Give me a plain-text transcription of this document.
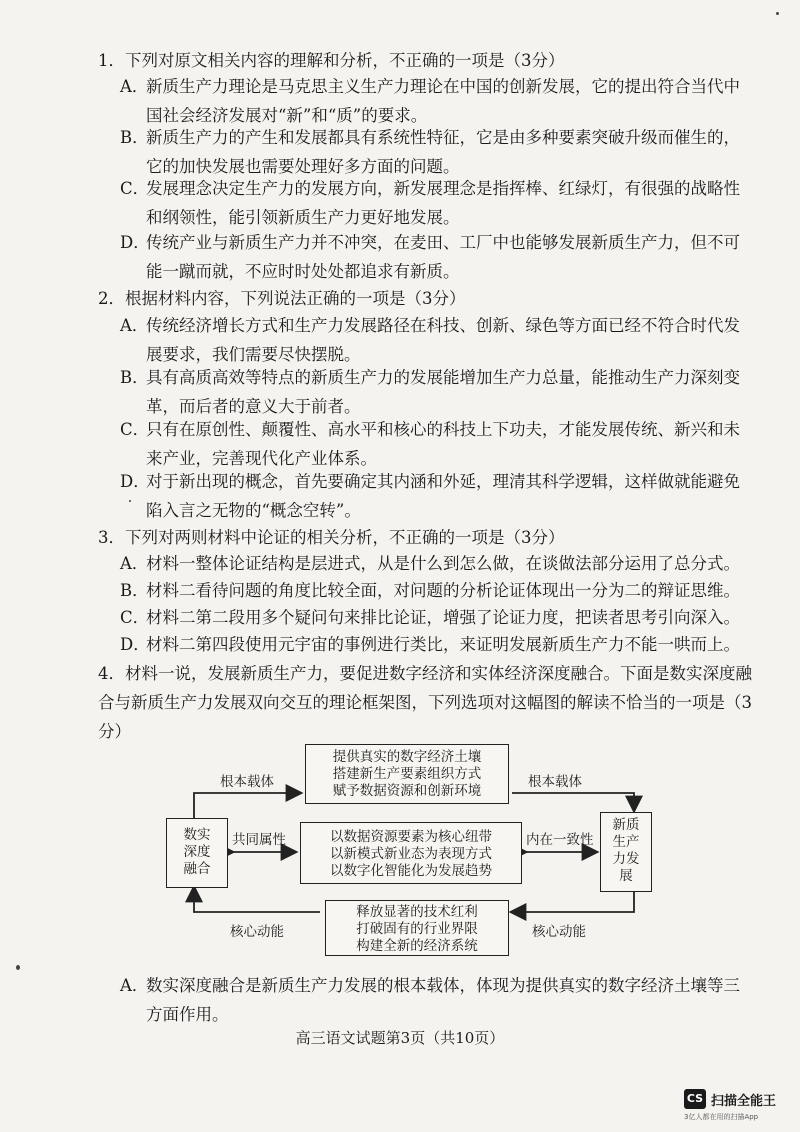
1．下列对原文相关内容的理解和分析，不正确的一项是（3分）
A．
新质生产力理论是马克思主义生产力理论在中国的创新发展，它的提出符合当代中国社会经济发展对“新”和“质”的要求。
B．
新质生产力的产生和发展都具有系统性特征，它是由多种要素突破升级而催生的，它的加快发展也需要处理好多方面的问题。
C．
发展理念决定生产力的发展方向，新发展理念是指挥棒、红绿灯，有很强的战略性和纲领性，能引领新质生产力更好地发展。
D．
传统产业与新质生产力并不冲突，在麦田、工厂中也能够发展新质生产力，但不可能一蹴而就，不应时时处处都追求有新质。
2．根据材料内容，下列说法正确的一项是（3分）
A．
传统经济增长方式和生产力发展路径在科技、创新、绿色等方面已经不符合时代发展要求，我们需要尽快摆脱。
B．
具有高质高效等特点的新质生产力的发展能增加生产力总量，能推动生产力深刻变革，而后者的意义大于前者。
C．
只有在原创性、颠覆性、高水平和核心的科技上下功夫，才能发展传统、新兴和未来产业，完善现代化产业体系。
D．
对于新出现的概念，首先要确定其内涵和外延，理清其科学逻辑，这样做就能避免陷入言之无物的“概念空转”。
3．下列对两则材料中论证的相关分析，不正确的一项是（3分）
A．
材料一整体论证结构是层进式，从是什么到怎么做，在谈做法部分运用了总分式。
B．
材料二看待问题的角度比较全面，对问题的分析论证体现出一分为二的辩证思维。
C．
材料二第二段用多个疑问句来排比论证，增强了论证力度，把读者思考引向深入。
D．
材料二第四段使用元宇宙的事例进行类比，来证明发展新质生产力不能一哄而上。
4．材料一说，发展新质生产力，要促进数字经济和实体经济深度融合。下面是数实深度融合与新质生产力发展双向交互的理论框架图，下列选项对这幅图的解读不恰当的一项是（3分）
数实
深度
融合
新质
生产
力发
展
提供真实的数字经济土壤
搭建新生产要素组织方式
赋予数据资源和创新环境
以数据资源要素为核心纽带
以新模式新业态为表现方式
以数字化智能化为发展趋势
释放显著的技术红利
打破固有的行业界限
构建全新的经济系统
根本载体	根本载体
共同属性	内在一致性
核心动能	核心动能
A．
数实深度融合是新质生产力发展的根本载体，体现为提供真实的数字经济土壤等三方面作用。
高三语文试题第3页（共10页）
CS 扫描全能王
3亿人都在用的扫描App
